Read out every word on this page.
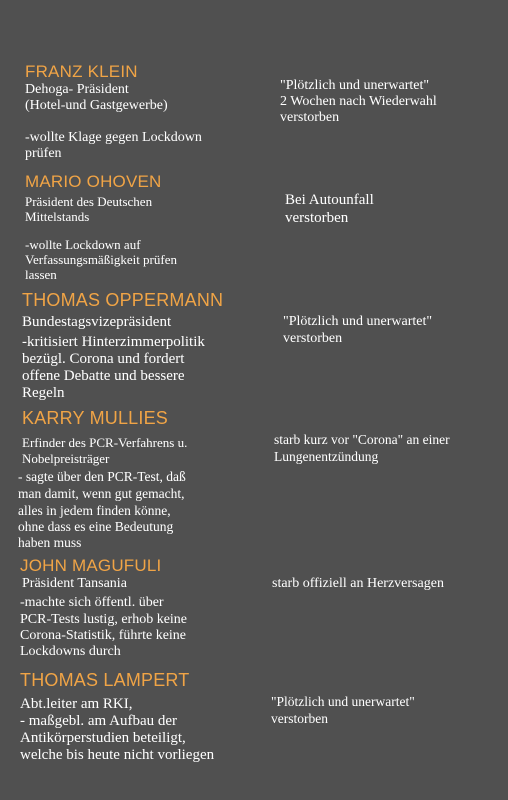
FRANZ KLEIN
Dehoga- Präsident
(Hotel-und Gastgewerbe)
-wollte Klage gegen Lockdown
prüfen
"Plötzlich und unerwartet"
2 Wochen nach Wiederwahl
verstorben
MARIO OHOVEN
Präsident des Deutschen
Mittelstands
-wollte Lockdown auf
Verfassungsmäßigkeit prüfen
lassen
Bei Autounfall
verstorben
THOMAS OPPERMANN
Bundestagsvizepräsident
-kritisiert Hinterzimmerpolitik
bezügl. Corona und fordert
offene Debatte und bessere
Regeln
"Plötzlich und unerwartet"
verstorben
KARRY MULLIES
Erfinder des PCR-Verfahrens u.
Nobelpreisträger
- sagte über den PCR-Test, daß
man damit, wenn gut gemacht,
alles in jedem finden könne,
ohne dass es eine Bedeutung
haben muss
starb kurz vor "Corona" an einer
Lungenentzündung
JOHN MAGUFULI
Präsident Tansania
-machte sich öffentl. über
PCR-Tests lustig, erhob keine
Corona-Statistik, führte keine
Lockdowns durch
starb offiziell an Herzversagen
THOMAS LAMPERT
Abt.leiter am RKI,
- maßgebl. am Aufbau der
Antikörperstudien beteiligt,
welche bis heute nicht vorliegen
"Plötzlich und unerwartet"
verstorben
